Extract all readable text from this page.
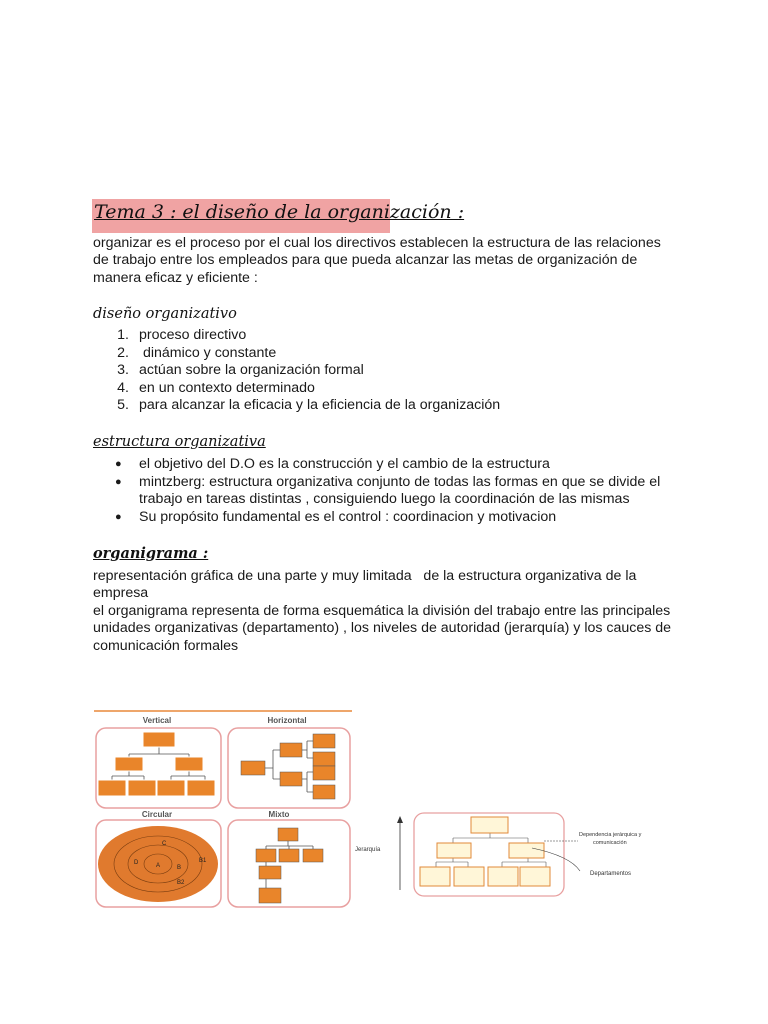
Tema 3 : el diseño de la organización :
organizar es el proceso por el cual los directivos establecen la estructura de las relaciones
de trabajo entre los empleados para que pueda alcanzar las metas de organización de
manera eficaz y eficiente :
diseño organizativo
1. proceso directivo
2. dinámico y constante
3. actúan sobre la organización formal
4. en un contexto determinado
5. para alcanzar la eficacia y la eficiencia de la organización
estructura organizativa
●	el objetivo del D.O es la construcción y el cambio de la estructura
●	mintzberg: estructura organizativa conjunto de todas las formas en que se divide el
trabajo en tareas distintas , consiguiendo luego la coordinación de las mismas
●	Su propósito fundamental es el control : coordinacion y motivacion
organigrama :
representación gráfica de una parte y muy limitada   de la estructura organizativa de la
empresa
el organigrama representa de forma esquemática la división del trabajo entre las principales
unidades organizativas (departamento) , los niveles de autoridad (jerarquía) y los cauces de
comunicación formales
Vertical	Horizontal
Circular	Mixto
C
D	A	B
B1
B2
Jerarquía
Dependencia jerárquica y
comunicación
Departamentos
